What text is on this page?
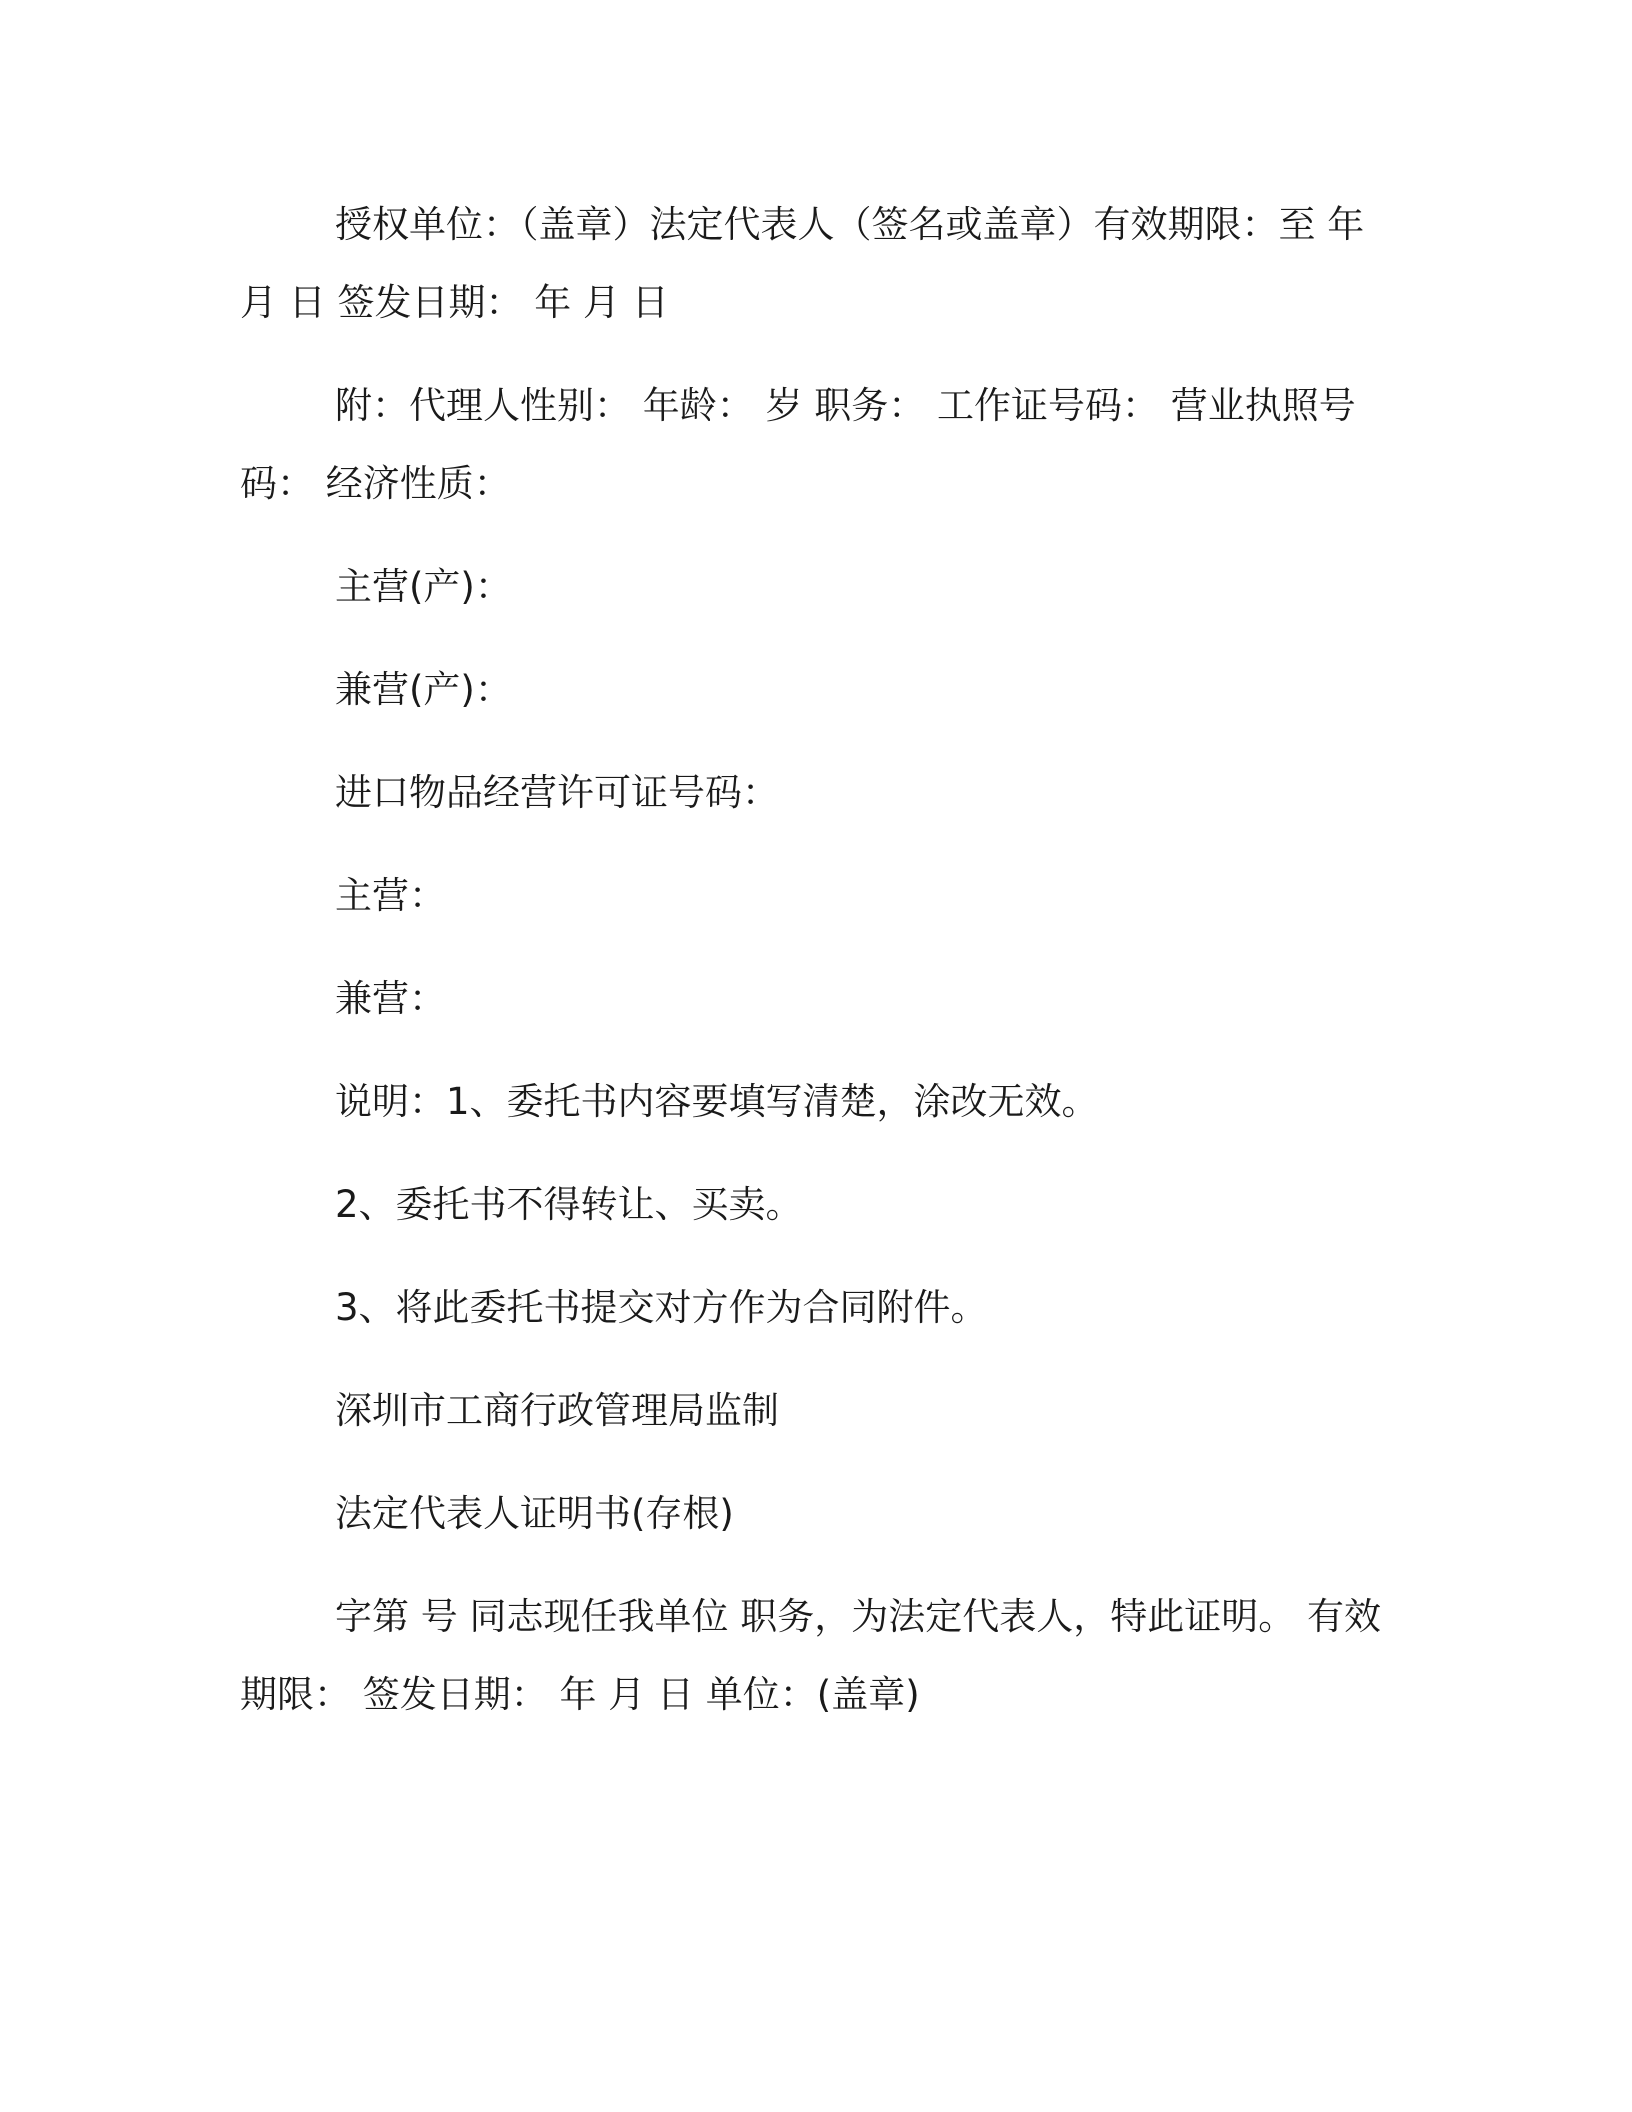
授权单位：（盖章）法定代表人（签名或盖章）有效期限：至 年 月 日 签发日期： 年 月 日

附：代理人性别： 年龄： 岁 职务： 工作证号码： 营业执照号码： 经济性质：

主营(产)：

兼营(产)：

进口物品经营许可证号码：

主营：

兼营：

说明：1、委托书内容要填写清楚，涂改无效。

2、委托书不得转让、买卖。

3、将此委托书提交对方作为合同附件。

深圳市工商行政管理局监制

法定代表人证明书(存根)

字第 号 同志现任我单位 职务，为法定代表人，特此证明。 有效期限： 签发日期： 年 月 日 单位：(盖章)
